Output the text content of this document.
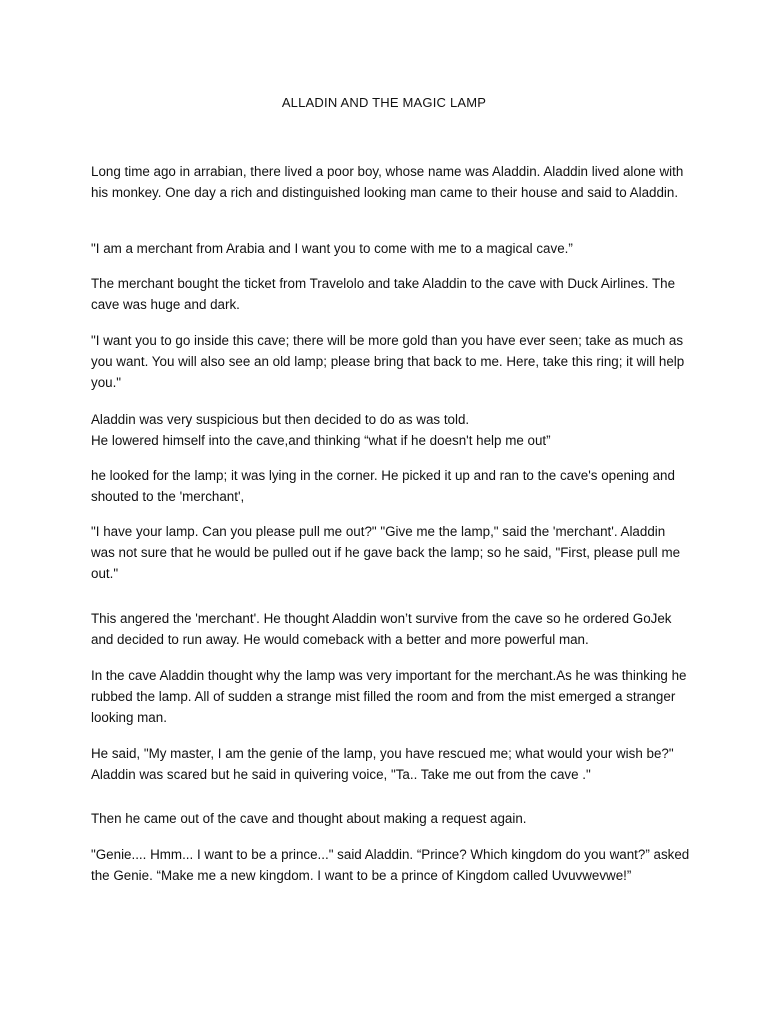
ALLADIN AND THE MAGIC LAMP
Long time ago in arrabian, there lived a poor boy, whose name was Aladdin. Aladdin lived alone with his monkey. One day a rich and distinguished looking man came to their house and said to Aladdin.
"I am a merchant from Arabia and I want you to come with me to a magical cave.”
The merchant bought the ticket from Travelolo and take Aladdin to the cave with Duck Airlines. The cave was huge and dark.
"I want you to go inside this cave; there will be more gold than you have ever seen; take as much as you want. You will also see an old lamp; please bring that back to me. Here, take this ring; it will help you."
Aladdin was very suspicious but then decided to do as was told.
He lowered himself into the cave,and thinking “what if he doesn't help me out”
he looked for the lamp; it was lying in the corner. He picked it up and ran to the cave's opening and shouted to the 'merchant',
"I have your lamp. Can you please pull me out?" "Give me the lamp," said the 'merchant'. Aladdin was not sure that he would be pulled out if he gave back the lamp; so he said, "First, please pull me out."
This angered the 'merchant'. He thought Aladdin won’t survive from the cave so he ordered GoJek and decided to run away. He would comeback with a better and more powerful man.
In the cave Aladdin thought why the lamp was very important for the merchant.As he was thinking he rubbed the lamp. All of sudden a strange mist filled the room and from the mist emerged a stranger looking man.
He said, "My master, I am the genie of the lamp, you have rescued me; what would your wish be?" Aladdin was scared but he said in quivering voice, "Ta.. Take me out from the cave ."
Then he came out of the cave and thought about making a request again.
"Genie.... Hmm... I want to be a prince..." said Aladdin. “Prince? Which kingdom do you want?” asked the Genie. “Make me a new kingdom. I want to be a prince of Kingdom called Uvuvwevwe!”
